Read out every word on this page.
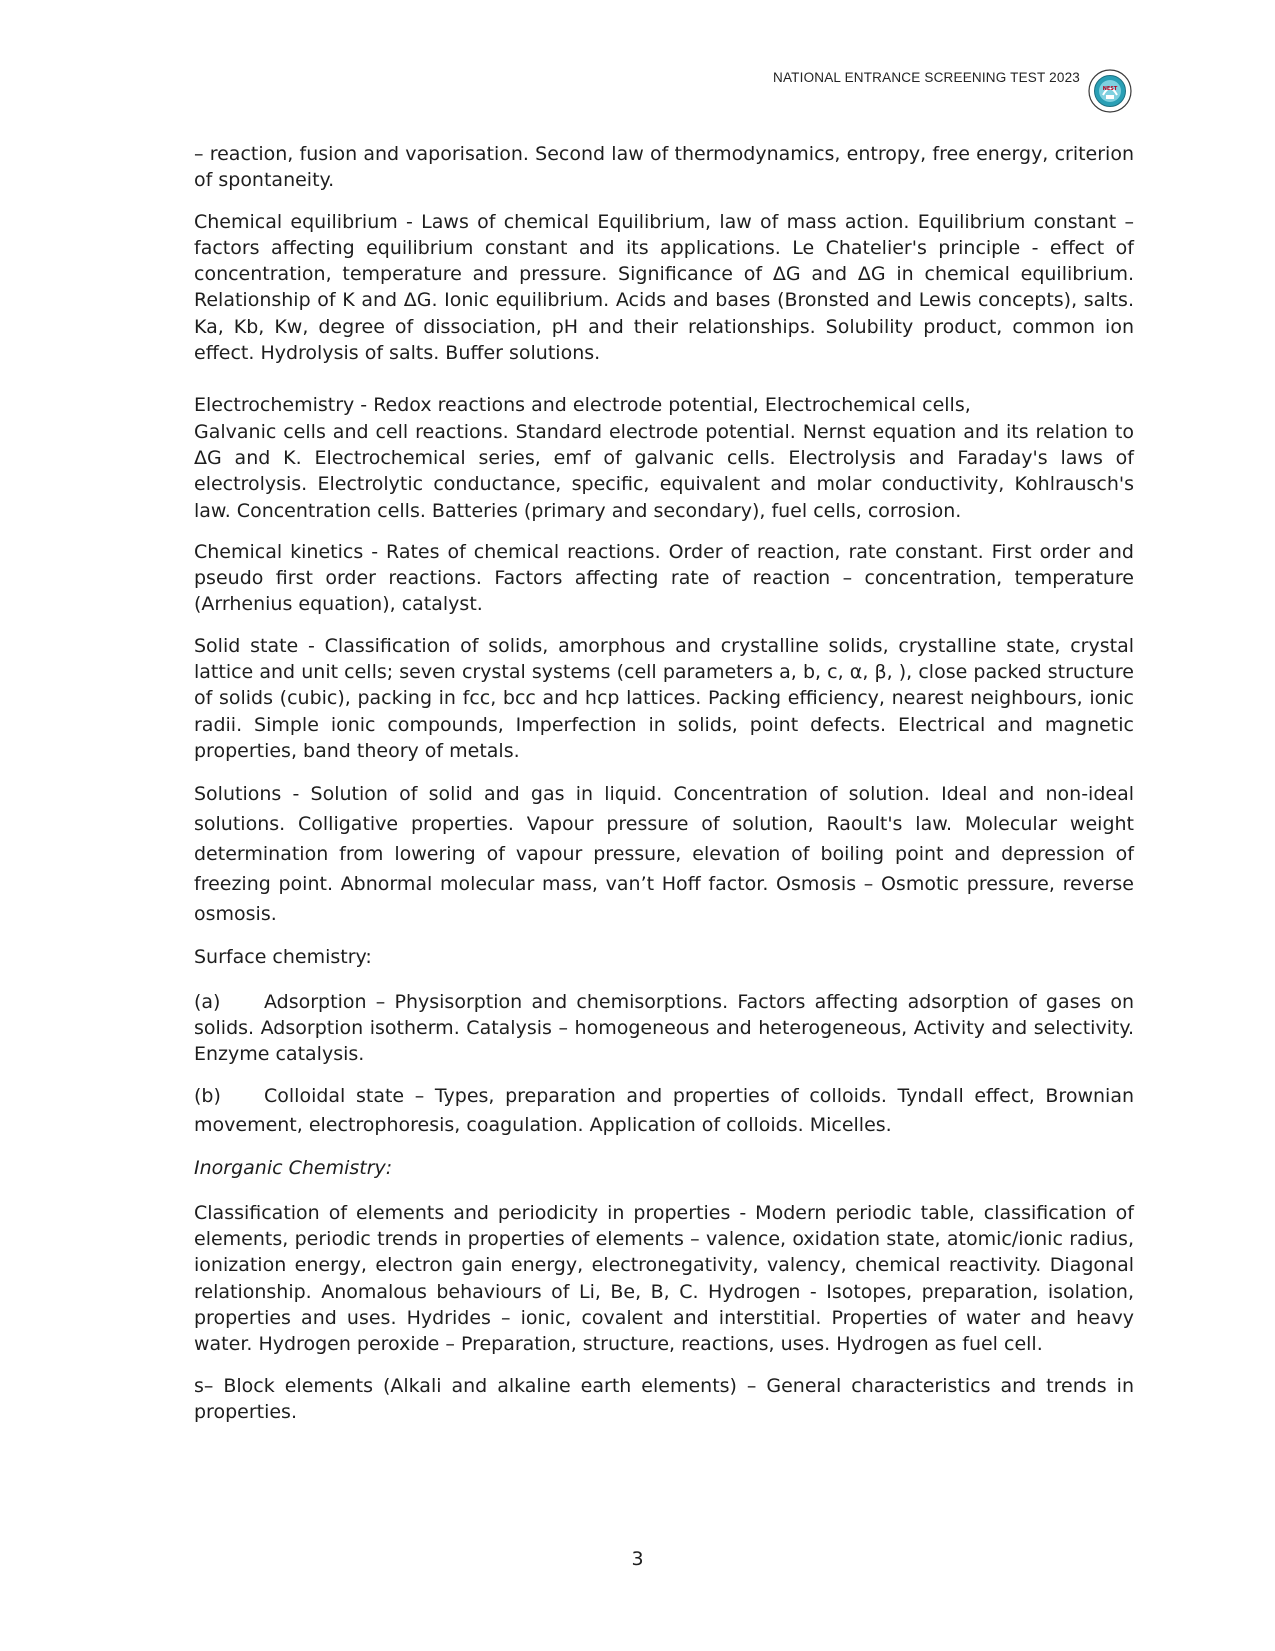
NATIONAL ENTRANCE SCREENING TEST 2023
NEST

– reaction, fusion and vaporisation. Second law of thermodynamics, entropy, free energy, criterion of spontaneity.

Chemical equilibrium - Laws of chemical Equilibrium, law of mass action. Equilibrium constant – factors affecting equilibrium constant and its applications. Le Chatelier's principle - effect of concentration, temperature and pressure. Significance of ΔG and ΔG in chemical equilibrium. Relationship of K and ΔG. Ionic equilibrium. Acids and bases (Bronsted and Lewis concepts), salts. Ka, Kb, Kw, degree of dissociation, pH and their relationships. Solubility product, common ion effect. Hydrolysis of salts. Buffer solutions.

Electrochemistry - Redox reactions and electrode potential, Electrochemical cells,
Galvanic cells and cell reactions. Standard electrode potential. Nernst equation and its relation to ΔG and K. Electrochemical series, emf of galvanic cells. Electrolysis and Faraday's laws of electrolysis. Electrolytic conductance, specific, equivalent and molar conductivity, Kohlrausch's law. Concentration cells. Batteries (primary and secondary), fuel cells, corrosion.

Chemical kinetics - Rates of chemical reactions. Order of reaction, rate constant. First order and pseudo first order reactions. Factors affecting rate of reaction – concentration, temperature (Arrhenius equation), catalyst.

Solid state - Classification of solids, amorphous and crystalline solids, crystalline state, crystal lattice and unit cells; seven crystal systems (cell parameters a, b, c, α, β, ), close packed structure of solids (cubic), packing in fcc, bcc and hcp lattices. Packing efficiency, nearest neighbours, ionic radii. Simple ionic compounds, Imperfection in solids, point defects. Electrical and magnetic properties, band theory of metals.

Solutions - Solution of solid and gas in liquid. Concentration of solution. Ideal and non-ideal solutions. Colligative properties. Vapour pressure of solution, Raoult's law. Molecular weight determination from lowering of vapour pressure, elevation of boiling point and depression of freezing point. Abnormal molecular mass, van’t Hoff factor. Osmosis – Osmotic pressure, reverse osmosis.

Surface chemistry:

(a) Adsorption – Physisorption and chemisorptions. Factors affecting adsorption of gases on solids. Adsorption isotherm. Catalysis – homogeneous and heterogeneous, Activity and selectivity. Enzyme catalysis.

(b) Colloidal state – Types, preparation and properties of colloids. Tyndall effect, Brownian movement, electrophoresis, coagulation. Application of colloids. Micelles.

Inorganic Chemistry:

Classification of elements and periodicity in properties - Modern periodic table, classification of elements, periodic trends in properties of elements – valence, oxidation state, atomic/ionic radius, ionization energy, electron gain energy, electronegativity, valency, chemical reactivity. Diagonal relationship. Anomalous behaviours of Li, Be, B, C. Hydrogen - Isotopes, preparation, isolation, properties and uses. Hydrides – ionic, covalent and interstitial. Properties of water and heavy water. Hydrogen peroxide – Preparation, structure, reactions, uses. Hydrogen as fuel cell.

s– Block elements (Alkali and alkaline earth elements) – General characteristics and trends in properties.

3
